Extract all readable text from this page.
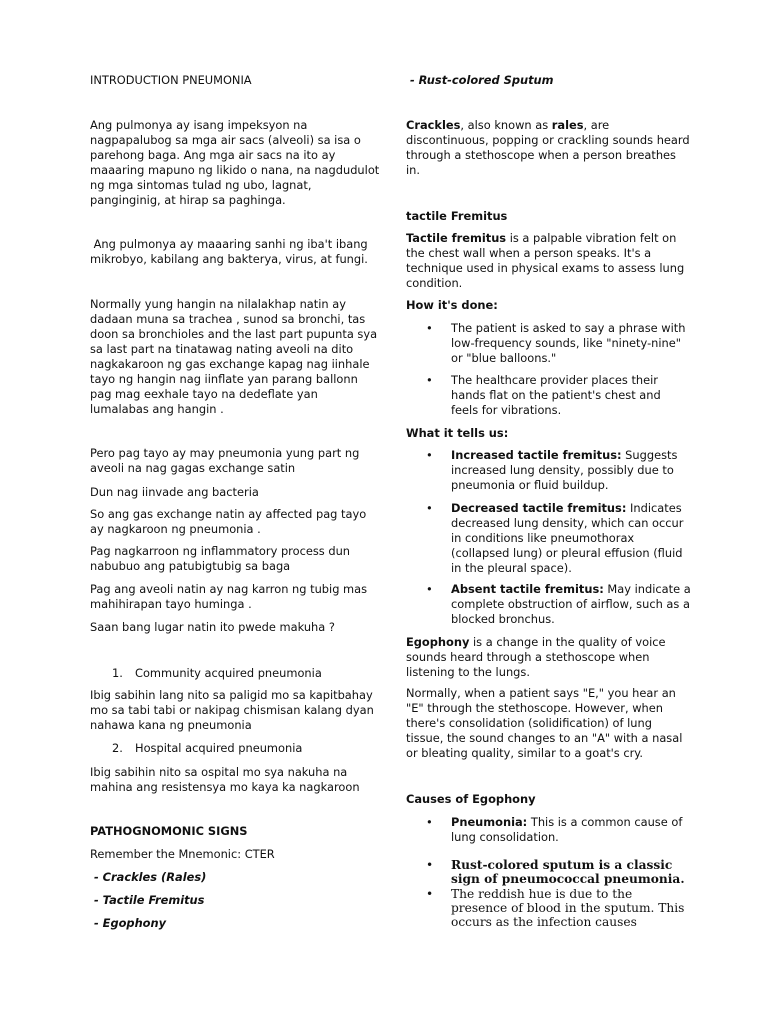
INTRODUCTION PNEUMONIA

Ang pulmonya ay isang impeksyon na nagpapalubog sa mga air sacs (alveoli) sa isa o parehong baga. Ang mga air sacs na ito ay maaaring mapuno ng likido o nana, na nagdudulot ng mga sintomas tulad ng ubo, lagnat, panginginig, at hirap sa paghinga.

Ang pulmonya ay maaaring sanhi ng iba't ibang mikrobyo, kabilang ang bakterya, virus, at fungi.

Normally yung hangin na nilalakhap natin ay dadaan muna sa trachea , sunod sa bronchi, tas doon sa bronchioles and the last part pupunta sya sa last part na tinatawag nating aveoli na dito nagkakaroon ng gas exchange kapag nag iinhale tayo ng hangin nag iinflate yan parang ballonn pag mag eexhale tayo na dedeflate yan lumalabas ang hangin .

Pero pag tayo ay may pneumonia yung part ng aveoli na nag gagas exchange satin

Dun nag iinvade ang bacteria

So ang gas exchange natin ay affected pag tayo ay nagkaroon ng pneumonia .

Pag nagkarroon ng inflammatory process dun nabubuo ang patubigtubig sa baga

Pag ang aveoli natin ay nag karron ng tubig mas mahihirapan tayo huminga .

Saan bang lugar natin ito pwede makuha ?

1. Community acquired pneumonia

Ibig sabihin lang nito sa paligid mo sa kapitbahay mo sa tabi tabi or nakipag chismisan kalang dyan nahawa kana ng pneumonia

2. Hospital acquired pneumonia

Ibig sabihin nito sa ospital mo sya nakuha na mahina ang resistensya mo kaya ka nagkaroon

PATHOGNOMONIC SIGNS

Remember the Mnemonic: CTER

- Crackles (Rales)

- Tactile Fremitus

- Egophony

- Rust-colored Sputum

Crackles, also known as rales, are discontinuous, popping or crackling sounds heard through a stethoscope when a person breathes in.

tactile Fremitus

Tactile fremitus is a palpable vibration felt on the chest wall when a person speaks. It's a technique used in physical exams to assess lung condition.

How it's done:

• The patient is asked to say a phrase with low-frequency sounds, like "ninety-nine" or "blue balloons."
• The healthcare provider places their hands flat on the patient's chest and feels for vibrations.

What it tells us:

• Increased tactile fremitus: Suggests increased lung density, possibly due to pneumonia or fluid buildup.
• Decreased tactile fremitus: Indicates decreased lung density, which can occur in conditions like pneumothorax (collapsed lung) or pleural effusion (fluid in the pleural space).
• Absent tactile fremitus: May indicate a complete obstruction of airflow, such as a blocked bronchus.

Egophony is a change in the quality of voice sounds heard through a stethoscope when listening to the lungs.

Normally, when a patient says "E," you hear an "E" through the stethoscope. However, when there's consolidation (solidification) of lung tissue, the sound changes to an "A" with a nasal or bleating quality, similar to a goat's cry.

Causes of Egophony

• Pneumonia: This is a common cause of lung consolidation.
• Rust-colored sputum is a classic sign of pneumococcal pneumonia.
• The reddish hue is due to the presence of blood in the sputum. This occurs as the infection causes
